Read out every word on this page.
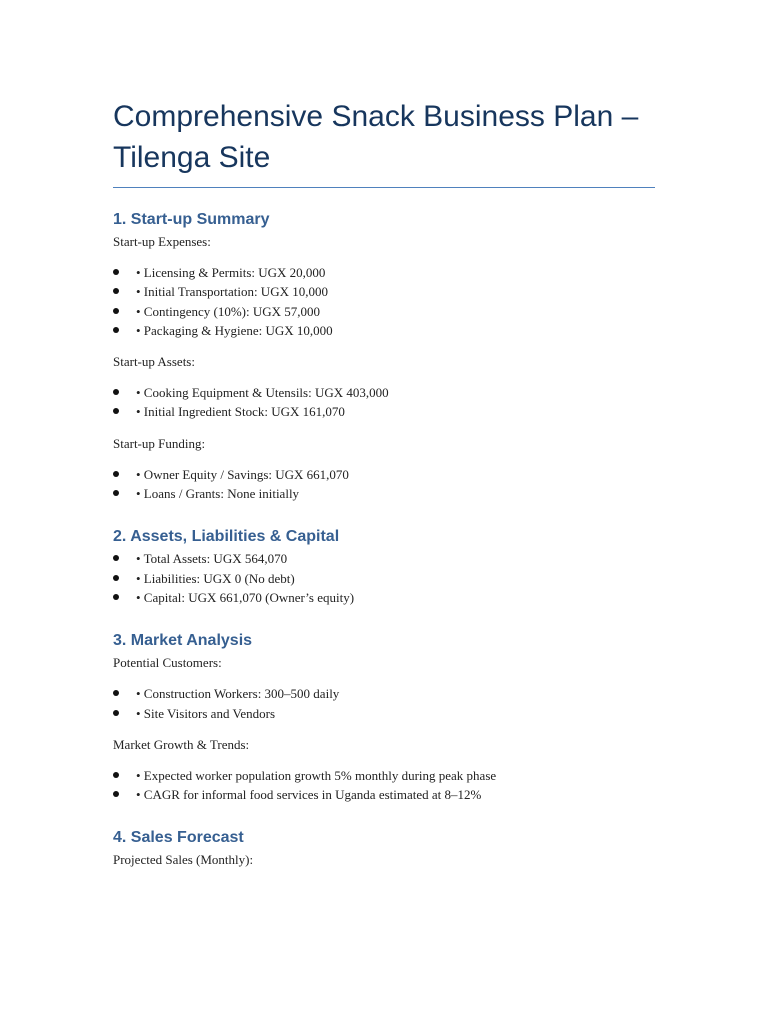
Comprehensive Snack Business Plan – Tilenga Site
1. Start-up Summary

Start-up Expenses:

• Licensing & Permits: UGX 20,000
• Initial Transportation: UGX 10,000
• Contingency (10%): UGX 57,000
• Packaging & Hygiene: UGX 10,000

Start-up Assets:

• Cooking Equipment & Utensils: UGX 403,000
• Initial Ingredient Stock: UGX 161,070

Start-up Funding:

• Owner Equity / Savings: UGX 661,070
• Loans / Grants: None initially
2. Assets, Liabilities & Capital
• Total Assets: UGX 564,070
• Liabilities: UGX 0 (No debt)
• Capital: UGX 661,070 (Owner’s equity)
3. Market Analysis

Potential Customers:

• Construction Workers: 300–500 daily
• Site Visitors and Vendors

Market Growth & Trends:

• Expected worker population growth 5% monthly during peak phase
• CAGR for informal food services in Uganda estimated at 8–12%
4. Sales Forecast

Projected Sales (Monthly):
